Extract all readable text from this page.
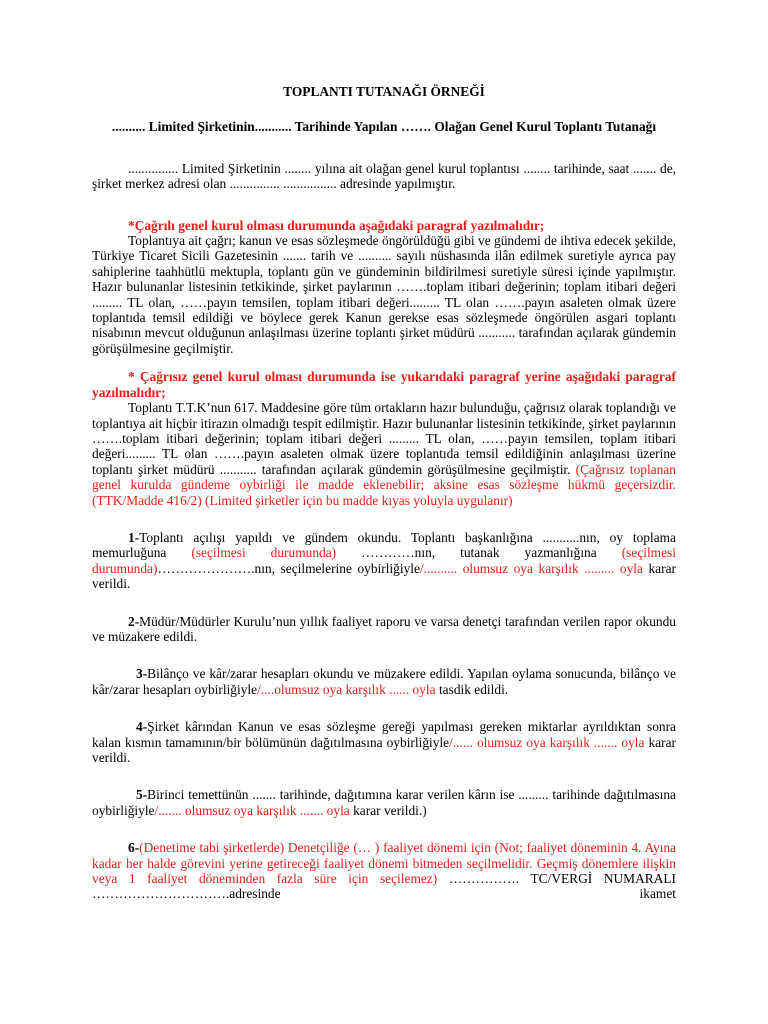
TOPLANTI TUTANAĞI ÖRNEĞİ

.......... Limited Şirketinin........... Tarihinde Yapılan ……. Olağan Genel Kurul Toplantı Tutanağı

............... Limited Şirketinin ........ yılına ait olağan genel kurul toplantısı ........ tarihinde, saat ....... de, şirket merkez adresi olan ............... ................ adresinde yapılmıştır.

*Çağrılı genel kurul olması durumunda aşağıdaki paragraf yazılmalıdır;

Toplantıya ait çağrı; kanun ve esas sözleşmede öngörüldüğü gibi ve gündemi de ihtiva edecek şekilde, Türkiye Ticaret Sicili Gazetesinin ....... tarih ve .......... sayılı nüshasında ilân edilmek suretiyle ayrıca pay sahiplerine taahhütlü mektupla, toplantı gün ve gündeminin bildirilmesi suretiyle süresi içinde yapılmıştır. Hazır bulunanlar listesinin tetkikinde, şirket paylarının …….toplam itibari değerinin; toplam itibari değeri ......... TL olan, ……payın temsilen, toplam itibari değeri......... TL olan …….payın asaleten olmak üzere toplantıda temsil edildiği ve böylece gerek Kanun gerekse esas sözleşmede öngörülen asgari toplantı nisabının mevcut olduğunun anlaşılması üzerine toplantı şirket müdürü ........... tarafından açılarak gündemin görüşülmesine geçilmiştir.

* Çağrısız genel kurul olması durumunda ise yukarıdaki paragraf yerine aşağıdaki paragraf yazılmalıdır;

Toplantı T.T.K’nun 617. Maddesine göre tüm ortakların hazır bulunduğu, çağrısız olarak toplandığı ve toplantıya ait hiçbir itirazın olmadığı tespit edilmiştir. Hazır bulunanlar listesinin tetkikinde, şirket paylarının …….toplam itibari değerinin; toplam itibari değeri ......... TL olan, ……payın temsilen, toplam itibari değeri......... TL olan …….payın asaleten olmak üzere toplantıda temsil edildiğinin anlaşılması üzerine toplantı şirket müdürü ........... tarafından açılarak gündemin görüşülmesine geçilmiştir. (Çağrısız toplanan genel kurulda gündeme oybirliği ile madde eklenebilir; aksine esas sözleşme hükmü geçersizdir. (TTK/Madde 416/2) (Limited şirketler için bu madde kıyas yoluyla uygulanır)

1-Toplantı açılışı yapıldı ve gündem okundu. Toplantı başkanlığına ...........nın, oy toplama memurluğuna (seçilmesi durumunda) …………nın, tutanak yazmanlığına (seçilmesi durumunda)………………….nın, seçilmelerine oybirliğiyle/.......... olumsuz oya karşılık ......... oyla karar verildi.

2-Müdür/Müdürler Kurulu’nun yıllık faaliyet raporu ve varsa denetçi tarafından verilen rapor okundu ve müzakere edildi.

3-Bilânço ve kâr/zarar hesapları okundu ve müzakere edildi. Yapılan oylama sonucunda, bilânço ve kâr/zarar hesapları oybirliğiyle/....olumsuz oya karşılık ...... oyla tasdik edildi.

4-Şirket kârından Kanun ve esas sözleşme gereği yapılması gereken miktarlar ayrıldıktan sonra kalan kısmın tamamının/bir bölümünün dağıtılmasına oybirliğiyle/...... olumsuz oya karşılık ....... oyla karar verildi.

5-Birinci temettünün ....... tarihinde, dağıtımına karar verilen kârın ise ......... tarihinde dağıtılmasına oybirliğiyle/....... olumsuz oya karşılık ....... oyla karar verildi.)

6-(Denetime tabi şirketlerde) Denetçiliğe (… ) faaliyet dönemi için (Not; faaliyet döneminin 4. Ayına kadar her halde görevini yerine getireceği faaliyet dönemi bitmeden seçilmelidir. Geçmiş dönemlere ilişkin veya 1 faaliyet döneminden fazla süre için seçilemez) ……………. TC/VERGİ NUMARALI ………………………….adresinde ikamet
